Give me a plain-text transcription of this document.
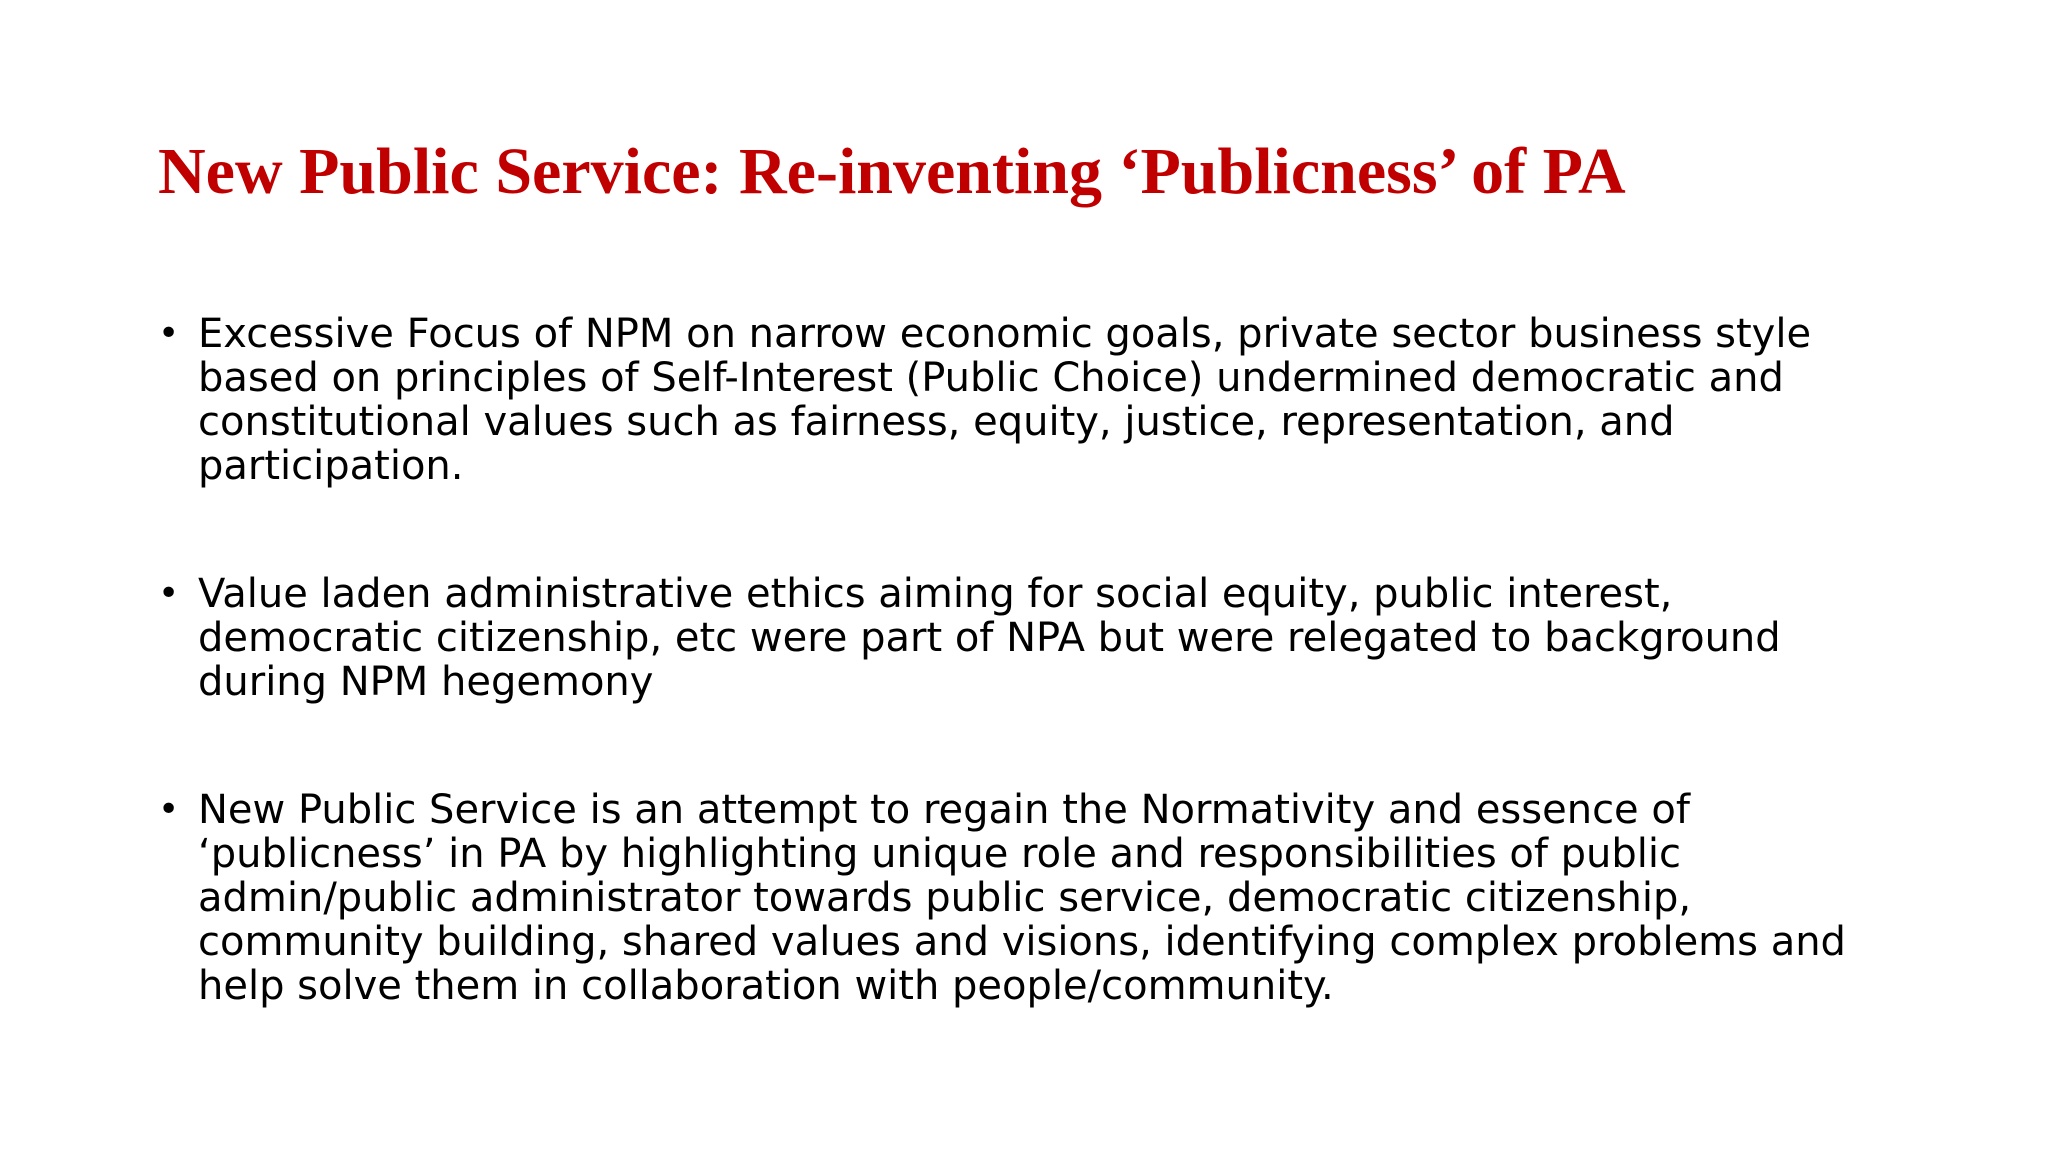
New Public Service: Re-inventing ‘Publicness’ of PA
• Excessive Focus of NPM on narrow economic goals, private sector business style
based on principles of Self-Interest (Public Choice) undermined democratic and
constitutional values such as fairness, equity, justice, representation, and
participation.
• Value laden administrative ethics aiming for social equity, public interest,
democratic citizenship, etc were part of NPA but were relegated to background
during NPM hegemony
• New Public Service is an attempt to regain the Normativity and essence of
‘publicness’ in PA by highlighting unique role and responsibilities of public
admin/public administrator towards public service, democratic citizenship,
community building, shared values and visions, identifying complex problems and
help solve them in collaboration with people/community.
